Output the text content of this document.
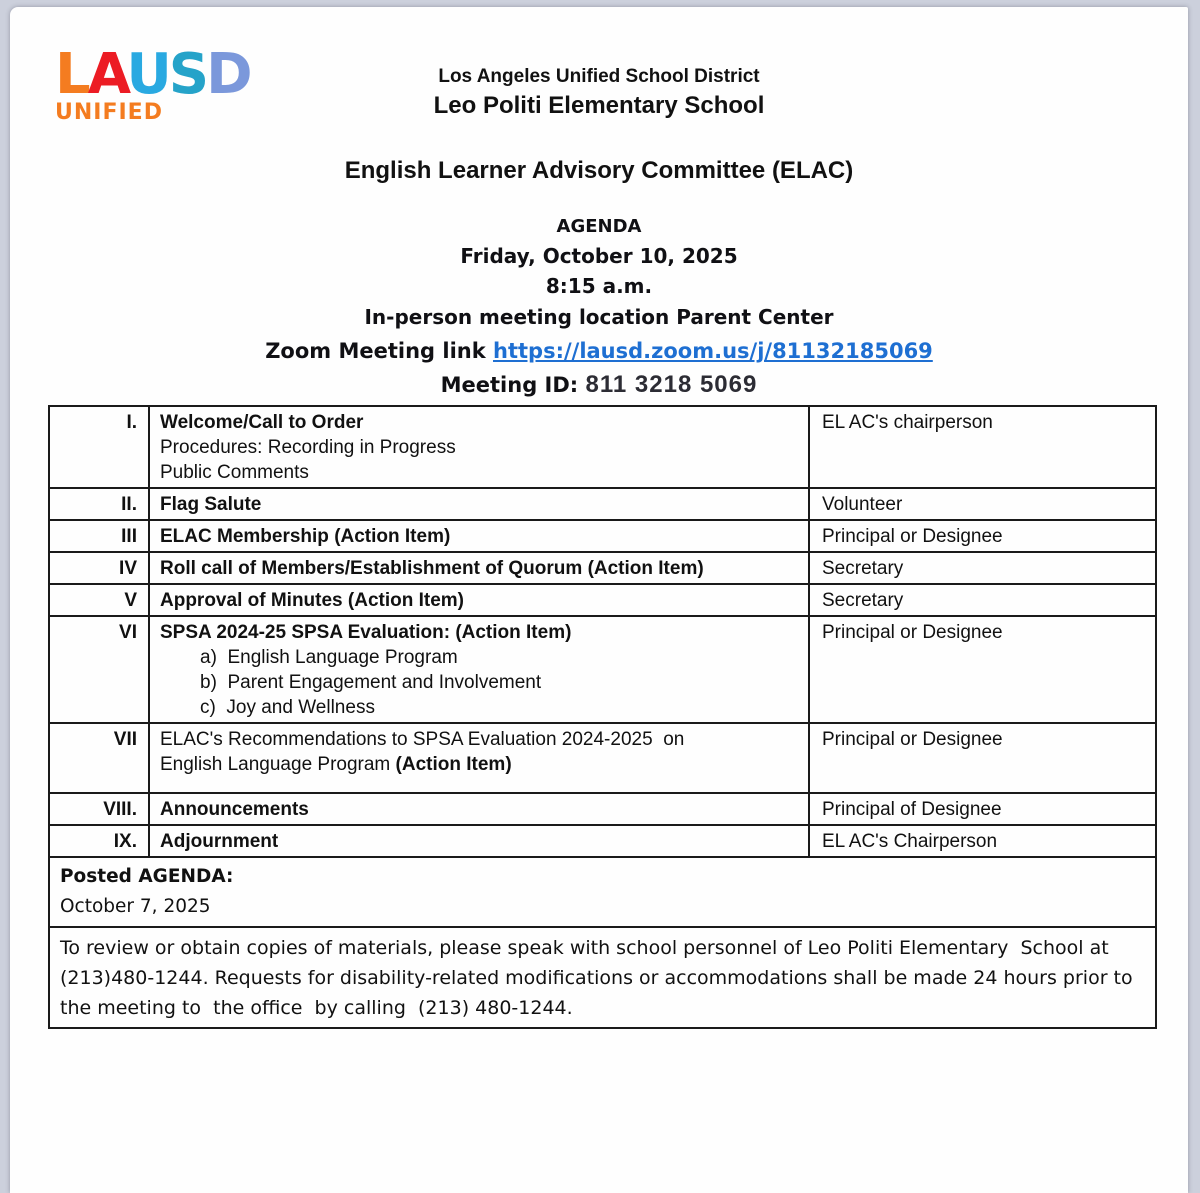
LAUSD
UNIFIED
Los Angeles Unified School District
Leo Politi Elementary School
English Learner Advisory Committee (ELAC)
AGENDA
Friday, October 10, 2025
8:15 a.m.
In-person meeting location Parent Center
Zoom Meeting link https://lausd.zoom.us/j/81132185069
Meeting ID: 811 3218 5069
I.	Welcome/Call to Order
Procedures: Recording in Progress
Public Comments	EL AC's chairperson
II.	Flag Salute	Volunteer
III	ELAC Membership (Action Item)	Principal or Designee
IV	Roll call of Members/Establishment of Quorum (Action Item)	Secretary
V	Approval of Minutes (Action Item)	Secretary
VI	SPSA 2024-25 SPSA Evaluation: (Action Item)
a)  English Language Program
b)  Parent Engagement and Involvement
c)  Joy and Wellness	Principal or Designee
VII	ELAC's Recommendations to SPSA Evaluation 2024-2025  on
English Language Program (Action Item)	Principal or Designee
VIII.	Announcements	Principal of Designee
IX.	Adjournment	EL AC's Chairperson

Posted AGENDA:
October 7, 2025		

To review or obtain copies of materials, please speak with school personnel of Leo Politi Elementary  School at (213)480-1244. Requests for disability-related modifications or accommodations shall be made 24 hours prior to the meeting to  the office  by calling  (213) 480-1244.		
